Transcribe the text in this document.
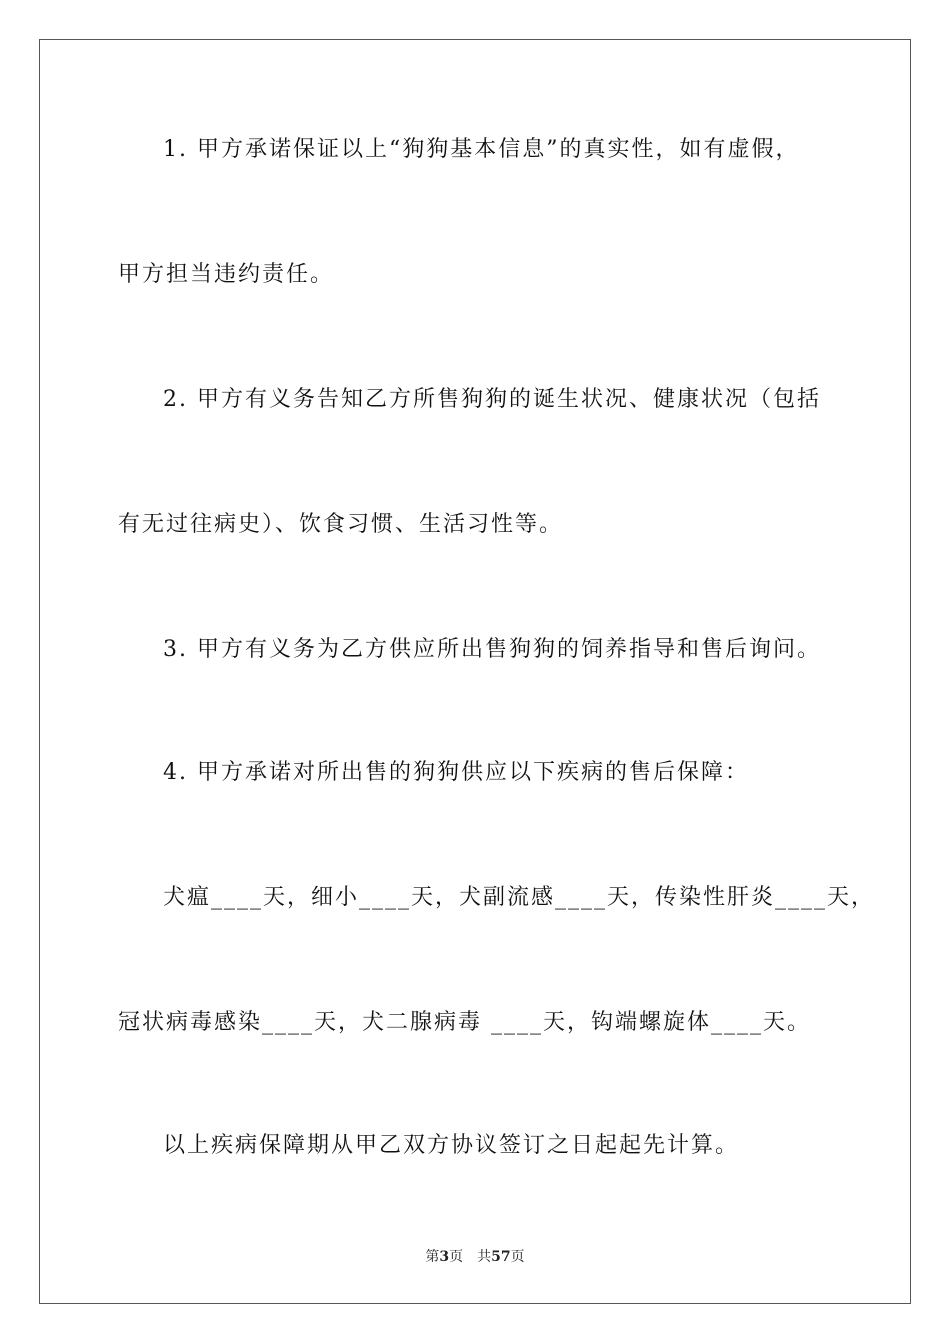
1. 甲方承诺保证以上“狗狗基本信息”的真实性，如有虚假，
甲方担当违约责任。
2. 甲方有义务告知乙方所售狗狗的诞生状况、健康状况（包括
有无过往病史）、饮食习惯、生活习性等。
3. 甲方有义务为乙方供应所出售狗狗的饲养指导和售后询问。
4. 甲方承诺对所出售的狗狗供应以下疾病的售后保障：
犬瘟____天，细小____天，犬副流感____天，传染性肝炎____天，
冠状病毒感染____天，犬二腺病毒 ____天，钩端螺旋体____天。
以上疾病保障期从甲乙双方协议签订之日起起先计算。
第3页 共57页
